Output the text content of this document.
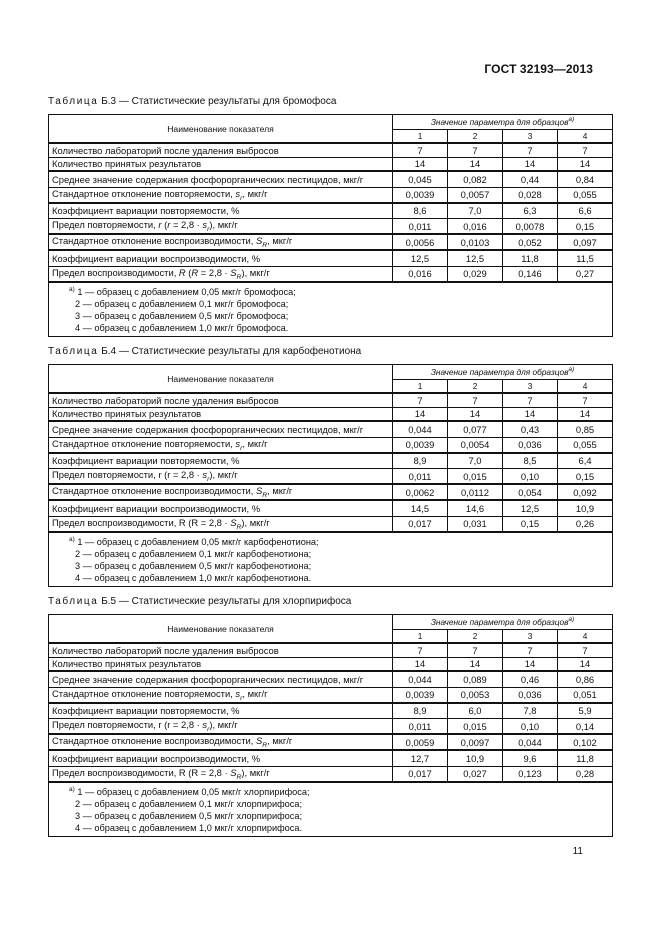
ГОСТ 32193—2013
Таблица Б.3 — Статистические результаты для бромофоса
Наименование показателя	Значение параметра для образцов$^{а)}$
	1	2	3	4
Количество лабораторий после удаления выбросов	7	7	7	7
Количество принятых результатов	14	14	14	14
Среднее значение содержания фосфорорганических пестицидов, мкг/г	0,045	0,082	0,44	0,84
Стандартное отклонение повторяемости, $s_r$, мкг/г	0,0039	0,0057	0,028	0,055
Коэффициент вариации повторяемости, %	8,6	7,0	6,3	6,6
Предел повторяемости, r $(r = 2,8 \cdot s_r)$, мкг/г	0,011	0,016	0,0078	0,15
Стандартное отклонение воспроизводимости, $S_R$, мкг/г	0,0056	0,0103	0,052	0,097
Коэффициент вариации воспроизводимости, %	12,5	12,5	11,8	11,5
Предел воспроизводимости, R $(R = 2,8 \cdot S_R)$, мкг/г	0,016	0,029	0,146	0,27

$^{а)}$ 1 — образец с добавлением 0,05 мкг/г бромофоса;
2 — образец с добавлением 0,1 мкг/г бромофоса;
3 — образец с добавлением 0,5 мкг/г бромофоса;
4 — образец с добавлением 1,0 мкг/г бромофоса.				
Таблица Б.4 — Статистические результаты для карбофенотиона
Наименование показателя	Значение параметра для образцов$^{а)}$
	1	2	3	4
Количество лабораторий после удаления выбросов	7	7	7	7
Количество принятых результатов	14	14	14	14
Среднее значение содержания фосфорорганических пестицидов, мкг/г	0,044	0,077	0,43	0,85
Стандартное отклонение повторяемости, $s_r$, мкг/г	0,0039	0,0054	0,036	0,055
Коэффициент вариации повторяемости, %	8,9	7,0	8,5	6,4
Предел повторяемости, r $(r = 2,8 \cdot s_r)$, мкг/г	0,011	0,015	0,10	0,15
Стандартное отклонение воспроизводимости, $S_R$, мкг/г	0,0062	0,0112	0,054	0,092
Коэффициент вариации воспроизводимости, %	14,5	14,6	12,5	10,9
Предел воспроизводимости, R $(R = 2,8 \cdot S_R)$, мкг/г	0,017	0,031	0,15	0,26

$^{а)}$ 1 — образец с добавлением 0,05 мкг/г карбофенотиона;
2 — образец с добавлением 0,1 мкг/г карбофенотиона;
3 — образец с добавлением 0,5 мкг/г карбофенотиона;
4 — образец с добавлением 1,0 мкг/г карбофенотиона.				
Таблица Б.5 — Статистические результаты для хлорпирифоса
Наименование показателя	Значение параметра для образцов$^{а)}$
	1	2	3	4
Количество лабораторий после удаления выбросов	7	7	7	7
Количество принятых результатов	14	14	14	14
Среднее значение содержания фосфорорганических пестицидов, мкг/г	0,044	0,089	0,46	0,86
Стандартное отклонение повторяемости, $s_r$, мкг/г	0,0039	0,0053	0,036	0,051
Коэффициент вариации повторяемости, %	8,9	6,0	7,8	5,9
Предел повторяемости, r $(r = 2,8 \cdot s_r)$, мкг/г	0,011	0,015	0,10	0,14
Стандартное отклонение воспроизводимости, $S_R$, мкг/г	0,0059	0,0097	0,044	0,102
Коэффициент вариации воспроизводимости, %	12,7	10,9	9,6	11,8
Предел воспроизводимости, R $(R = 2,8 \cdot S_R)$, мкг/г	0,017	0,027	0,123	0,28

$^{а)}$ 1 — образец с добавлением 0,05 мкг/г хлорпирифоса;
2 — образец с добавлением 0,1 мкг/г хлорпирифоса;
3 — образец с добавлением 0,5 мкг/г хлорпирифоса;
4 — образец с добавлением 1,0 мкг/г хлорпирифоса.				
11
